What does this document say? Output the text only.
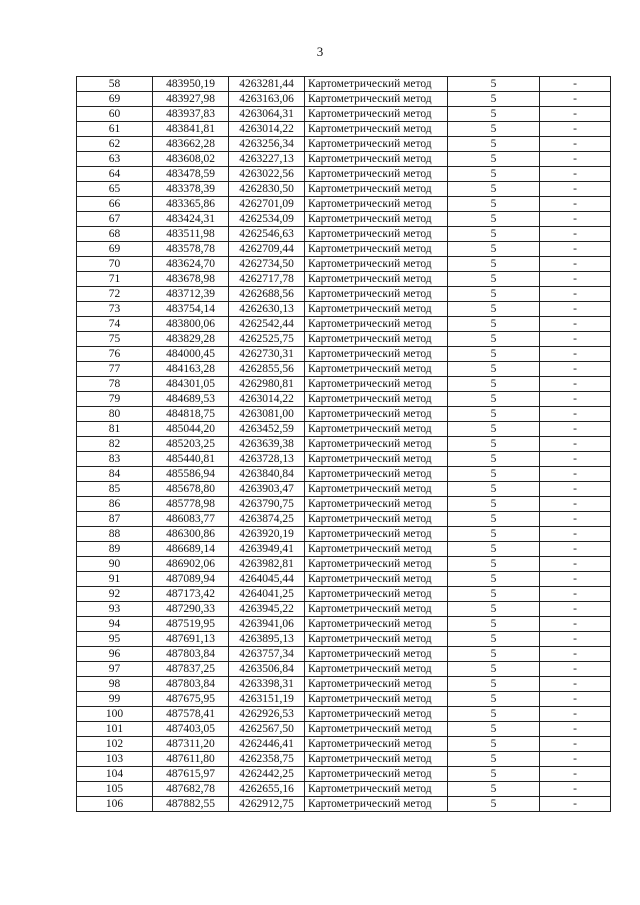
3
58	483950,19	4263281,44	Картометрический метод	5	-
69	483927,98	4263163,06	Картометрический метод	5	-
60	483937,83	4263064,31	Картометрический метод	5	-
61	483841,81	4263014,22	Картометрический метод	5	-
62	483662,28	4263256,34	Картометрический метод	5	-
63	483608,02	4263227,13	Картометрический метод	5	-
64	483478,59	4263022,56	Картометрический метод	5	-
65	483378,39	4262830,50	Картометрический метод	5	-
66	483365,86	4262701,09	Картометрический метод	5	-
67	483424,31	4262534,09	Картометрический метод	5	-
68	483511,98	4262546,63	Картометрический метод	5	-
69	483578,78	4262709,44	Картометрический метод	5	-
70	483624,70	4262734,50	Картометрический метод	5	-
71	483678,98	4262717,78	Картометрический метод	5	-
72	483712,39	4262688,56	Картометрический метод	5	-
73	483754,14	4262630,13	Картометрический метод	5	-
74	483800,06	4262542,44	Картометрический метод	5	-
75	483829,28	4262525,75	Картометрический метод	5	-
76	484000,45	4262730,31	Картометрический метод	5	-
77	484163,28	4262855,56	Картометрический метод	5	-
78	484301,05	4262980,81	Картометрический метод	5	-
79	484689,53	4263014,22	Картометрический метод	5	-
80	484818,75	4263081,00	Картометрический метод	5	-
81	485044,20	4263452,59	Картометрический метод	5	-
82	485203,25	4263639,38	Картометрический метод	5	-
83	485440,81	4263728,13	Картометрический метод	5	-
84	485586,94	4263840,84	Картометрический метод	5	-
85	485678,80	4263903,47	Картометрический метод	5	-
86	485778,98	4263790,75	Картометрический метод	5	-
87	486083,77	4263874,25	Картометрический метод	5	-
88	486300,86	4263920,19	Картометрический метод	5	-
89	486689,14	4263949,41	Картометрический метод	5	-
90	486902,06	4263982,81	Картометрический метод	5	-
91	487089,94	4264045,44	Картометрический метод	5	-
92	487173,42	4264041,25	Картометрический метод	5	-
93	487290,33	4263945,22	Картометрический метод	5	-
94	487519,95	4263941,06	Картометрический метод	5	-
95	487691,13	4263895,13	Картометрический метод	5	-
96	487803,84	4263757,34	Картометрический метод	5	-
97	487837,25	4263506,84	Картометрический метод	5	-
98	487803,84	4263398,31	Картометрический метод	5	-
99	487675,95	4263151,19	Картометрический метод	5	-
100	487578,41	4262926,53	Картометрический метод	5	-
101	487403,05	4262567,50	Картометрический метод	5	-
102	487311,20	4262446,41	Картометрический метод	5	-
103	487611,80	4262358,75	Картометрический метод	5	-
104	487615,97	4262442,25	Картометрический метод	5	-
105	487682,78	4262655,16	Картометрический метод	5	-
106	487882,55	4262912,75	Картометрический метод	5	-
